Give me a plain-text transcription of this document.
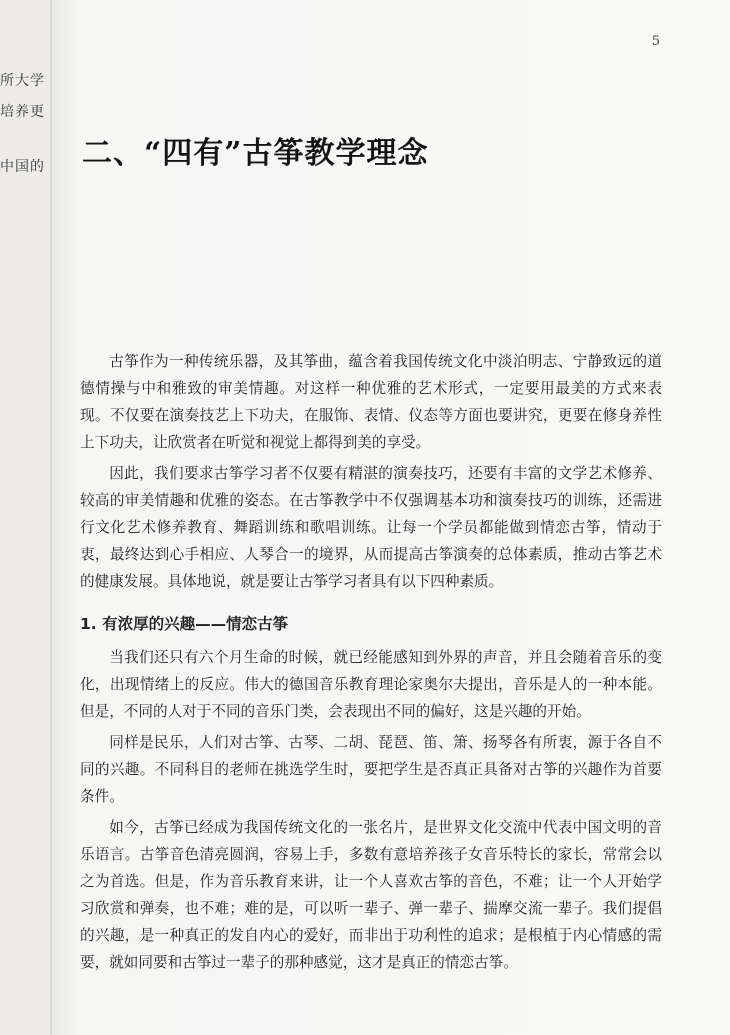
所大学
培养更
中国的
5
二、“四有”古筝教学理念

古筝作为一种传统乐器，及其筝曲，蕴含着我国传统文化中淡泊明志、宁静致远的道德情操与中和雅致的审美情趣。对这样一种优雅的艺术形式，一定要用最美的方式来表现。不仅要在演奏技艺上下功夫，在服饰、表情、仪态等方面也要讲究，更要在修身养性上下功夫，让欣赏者在听觉和视觉上都得到美的享受。

因此，我们要求古筝学习者不仅要有精湛的演奏技巧，还要有丰富的文学艺术修养、较高的审美情趣和优雅的姿态。在古筝教学中不仅强调基本功和演奏技巧的训练，还需进行文化艺术修养教育、舞蹈训练和歌唱训练。让每一个学员都能做到情恋古筝，情动于衷，最终达到心手相应、人琴合一的境界，从而提高古筝演奏的总体素质，推动古筝艺术的健康发展。具体地说，就是要让古筝学习者具有以下四种素质。

1. 有浓厚的兴趣——情恋古筝

当我们还只有六个月生命的时候，就已经能感知到外界的声音，并且会随着音乐的变化，出现情绪上的反应。伟大的德国音乐教育理论家奥尔夫提出，音乐是人的一种本能。但是，不同的人对于不同的音乐门类，会表现出不同的偏好，这是兴趣的开始。

同样是民乐，人们对古筝、古琴、二胡、琵琶、笛、箫、扬琴各有所衷，源于各自不同的兴趣。不同科目的老师在挑选学生时，要把学生是否真正具备对古筝的兴趣作为首要条件。

如今，古筝已经成为我国传统文化的一张名片，是世界文化交流中代表中国文明的音乐语言。古筝音色清亮圆润，容易上手，多数有意培养孩子女音乐特长的家长，常常会以之为首选。但是，作为音乐教育来讲，让一个人喜欢古筝的音色，不难；让一个人开始学习欣赏和弹奏，也不难；难的是，可以听一辈子、弹一辈子、揣摩交流一辈子。我们提倡的兴趣，是一种真正的发自内心的爱好，而非出于功利性的追求；是根植于内心情感的需要，就如同要和古筝过一辈子的那种感觉，这才是真正的情恋古筝。
